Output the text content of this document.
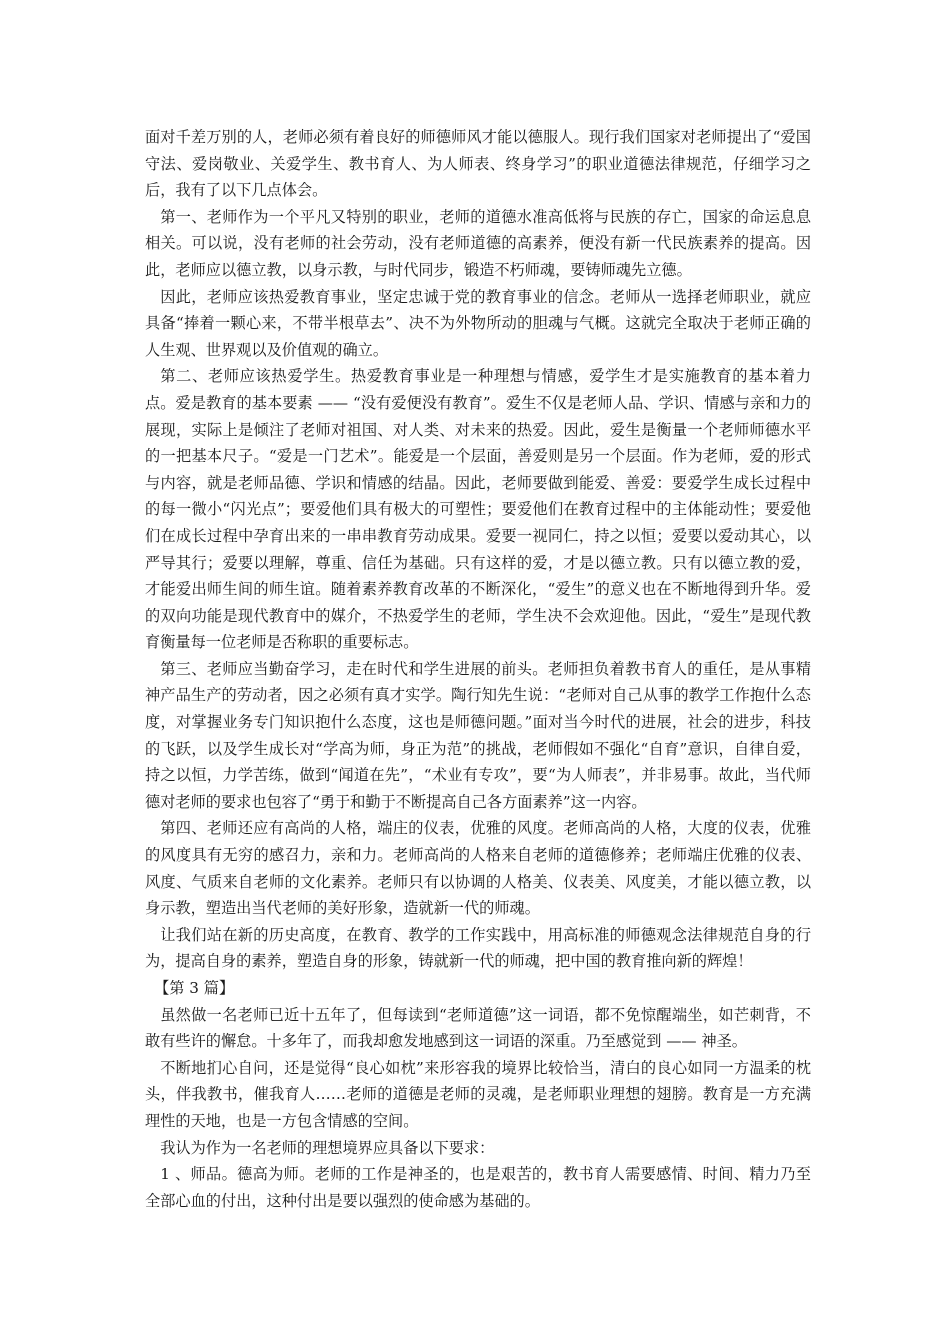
面对千差万别的人，老师必须有着良好的师德师风才能以德服人。现行我们国家对老师提出了“爱国守法、爱岗敬业、关爱学生、教书育人、为人师表、终身学习”的职业道德法律规范，仔细学习之后，我有了以下几点体会。

第一、老师作为一个平凡又特别的职业，老师的道德水准高低将与民族的存亡，国家的命运息息相关。可以说，没有老师的社会劳动，没有老师道德的高素养，便没有新一代民族素养的提高。因此，老师应以德立教，以身示教，与时代同步，锻造不朽师魂，要铸师魂先立德。

因此，老师应该热爱教育事业，坚定忠诚于党的教育事业的信念。老师从一选择老师职业，就应具备“捧着一颗心来，不带半根草去”、决不为外物所动的胆魂与气概。这就完全取决于老师正确的人生观、世界观以及价值观的确立。

第二、老师应该热爱学生。热爱教育事业是一种理想与情感，爱学生才是实施教育的基本着力点。爱是教育的基本要素 —— “没有爱便没有教育”。爱生不仅是老师人品、学识、情感与亲和力的展现，实际上是倾注了老师对祖国、对人类、对未来的热爱。因此，爱生是衡量一个老师师德水平的一把基本尺子。“爱是一门艺术”。能爱是一个层面，善爱则是另一个层面。作为老师，爱的形式与内容，就是老师品德、学识和情感的结晶。因此，老师要做到能爱、善爱：要爱学生成长过程中的每一微小“闪光点”；要爱他们具有极大的可塑性；要爱他们在教育过程中的主体能动性；要爱他们在成长过程中孕育出来的一串串教育劳动成果。爱要一视同仁，持之以恒；爱要以爱动其心，以严导其行；爱要以理解，尊重、信任为基础。只有这样的爱，才是以德立教。只有以德立教的爱，才能爱出师生间的师生谊。随着素养教育改革的不断深化，“爱生”的意义也在不断地得到升华。爱的双向功能是现代教育中的媒介，不热爱学生的老师，学生决不会欢迎他。因此，“爱生”是现代教育衡量每一位老师是否称职的重要标志。

第三、老师应当勤奋学习，走在时代和学生进展的前头。老师担负着教书育人的重任，是从事精神产品生产的劳动者，因之必须有真才实学。陶行知先生说：“老师对自己从事的教学工作抱什么态度，对掌握业务专门知识抱什么态度，这也是师德问题。”面对当今时代的进展，社会的进步，科技的飞跃，以及学生成长对“学高为师，身正为范”的挑战，老师假如不强化“自育”意识，自律自爱，持之以恒，力学苦练，做到“闻道在先”，“术业有专攻”，要“为人师表”，并非易事。故此，当代师德对老师的要求也包容了“勇于和勤于不断提高自己各方面素养”这一内容。

第四、老师还应有高尚的人格，端庄的仪表，优雅的风度。老师高尚的人格，大度的仪表，优雅的风度具有无穷的感召力，亲和力。老师高尚的人格来自老师的道德修养；老师端庄优雅的仪表、风度、气质来自老师的文化素养。老师只有以协调的人格美、仪表美、风度美，才能以德立教，以身示教，塑造出当代老师的美好形象，造就新一代的师魂。

让我们站在新的历史高度，在教育、教学的工作实践中，用高标准的师德观念法律规范自身的行为，提高自身的素养，塑造自身的形象，铸就新一代的师魂，把中国的教育推向新的辉煌！

【第 3 篇】

虽然做一名老师已近十五年了，但每读到“老师道德”这一词语，都不免惊醒端坐，如芒刺背，不敢有些许的懈怠。十多年了，而我却愈发地感到这一词语的深重。乃至感觉到 —— 神圣。

不断地扪心自问，还是觉得“良心如枕”来形容我的境界比较恰当，清白的良心如同一方温柔的枕头，伴我教书，催我育人……老师的道德是老师的灵魂，是老师职业理想的翅膀。教育是一方充满理性的天地，也是一方包含情感的空间。

我认为作为一名老师的理想境界应具备以下要求：

1 、师品。德高为师。老师的工作是神圣的，也是艰苦的，教书育人需要感情、时间、精力乃至全部心血的付出，这种付出是要以强烈的使命感为基础的。
